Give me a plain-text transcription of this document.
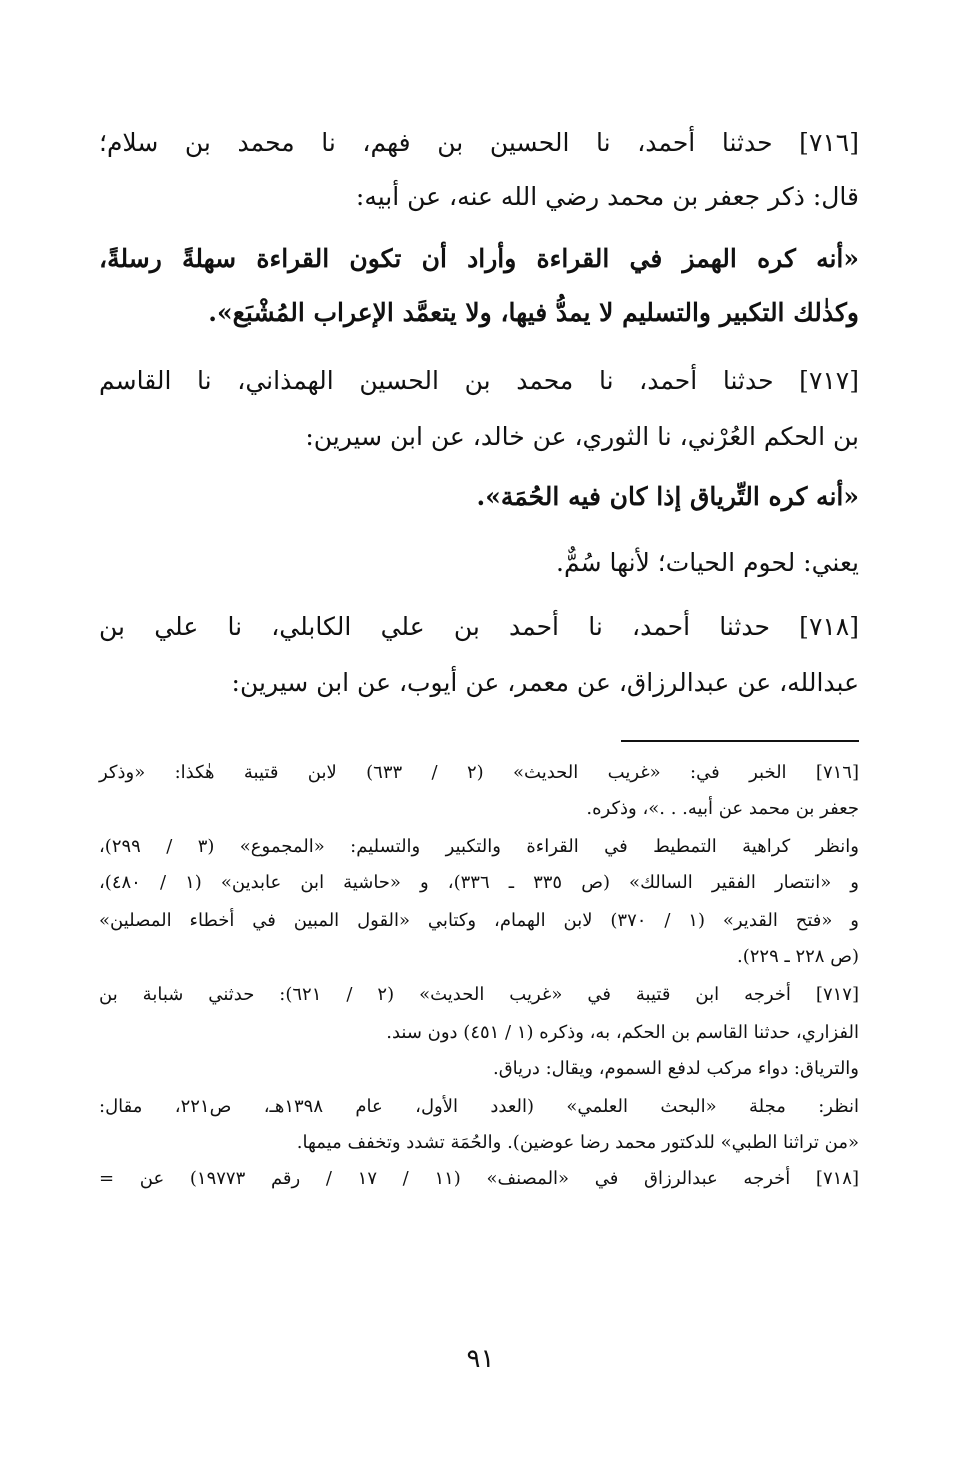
[٧١٦] حدثنا أحمد، نا الحسين بن فهم، نا محمد بن سلام؛
قال: ذكر جعفر بن محمد رضي الله عنه، عن أبيه:
«أنه كره الهمز في القراءة وأراد أن تكون القراءة سهلةً رسلةً،
وكذٰلك التكبير والتسليم لا يمدُّ فيها، ولا يتعمَّد الإعراب المُشْبَع».
[٧١٧] حدثنا أحمد، نا محمد بن الحسين الهمذاني، نا القاسم
بن الحكم العُرْني، نا الثوري، عن خالد، عن ابن سيرين:
«أنه كره التِّرياق إذا كان فيه الحُمَة».
يعني: لحوم الحيات؛ لأنها سُمٌّ.
[٧١٨] حدثنا أحمد، نا أحمد بن علي الكابلي، نا علي بن
عبدالله، عن عبدالرزاق، عن معمر، عن أيوب، عن ابن سيرين:
[٧١٦] الخبر في: «غريب الحديث» (٢ / ٦٣٣) لابن قتيبة هٰكذا: «وذكر
جعفر بن محمد عن أبيه. . .»، وذكره.
وانظر كراهية التمطيط في القراءة والتكبير والتسليم: «المجموع» (٣ / ٢٩٩)،
و «انتصار الفقير السالك» (ص ٣٣٥ ـ ٣٣٦)، و «حاشية ابن عابدين» (١ / ٤٨٠)،
و «فتح القدير» (١ / ٣٧٠) لابن الهمام، وكتابي «القول المبين في أخطاء المصلين»
(ص ٢٢٨ ـ ٢٢٩).
[٧١٧] أخرجه ابن قتيبة في «غريب الحديث» (٢ / ٦٢١): حدثني شبابة بن
الفزاري، حدثنا القاسم بن الحكم، به، وذكره (١ / ٤٥١) دون سند.
والترياق: دواء مركب لدفع السموم، ويقال: درياق.
انظر: مجلة «البحث العلمي» (العدد الأول، عام ١٣٩٨هـ، ص٢٢١، مقال:
«من تراثنا الطبي» للدكتور محمد رضا عوضين). والحُمَة تشدد وتخفف ميمها.
[٧١٨] أخرجه عبدالرزاق في «المصنف» (١١ / ١٧ / رقم ١٩٧٧٣) عن =
٩١
